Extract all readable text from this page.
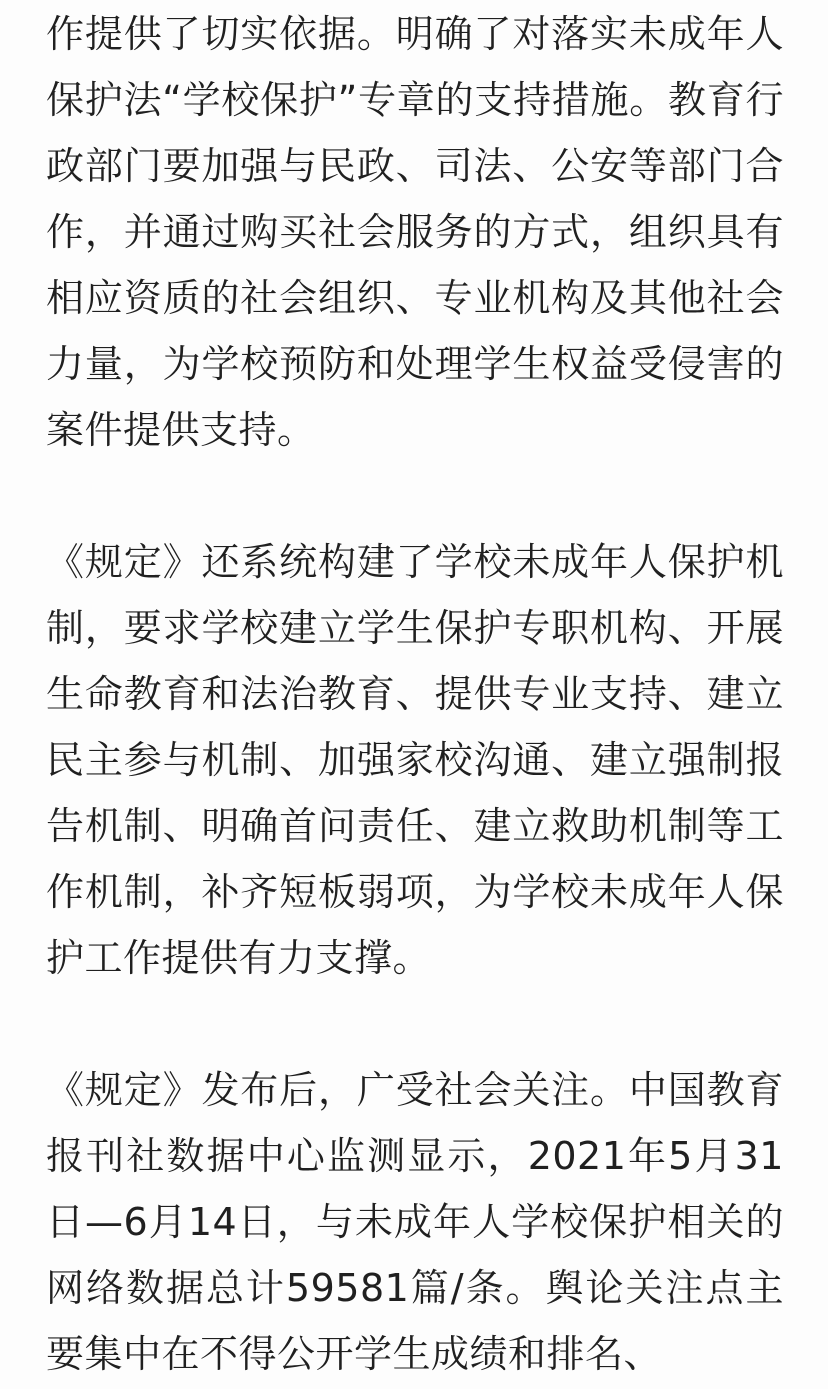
作提供了切实依据。明确了对落实未成年人保护法“学校保护”专章的支持措施。教育行政部门要加强与民政、司法、公安等部门合作，并通过购买社会服务的方式，组织具有相应资质的社会组织、专业机构及其他社会力量，为学校预防和处理学生权益受侵害的案件提供支持。

《规定》还系统构建了学校未成年人保护机制，要求学校建立学生保护专职机构、开展生命教育和法治教育、提供专业支持、建立民主参与机制、加强家校沟通、建立强制报告机制、明确首问责任、建立救助机制等工作机制，补齐短板弱项，为学校未成年人保护工作提供有力支撑。

《规定》发布后，广受社会关注。中国教育报刊社数据中心监测显示，2021年5月31日—6月14日，与未成年人学校保护相关的网络数据总计59581篇/条。舆论关注点主要集中在不得公开学生成绩和排名、
